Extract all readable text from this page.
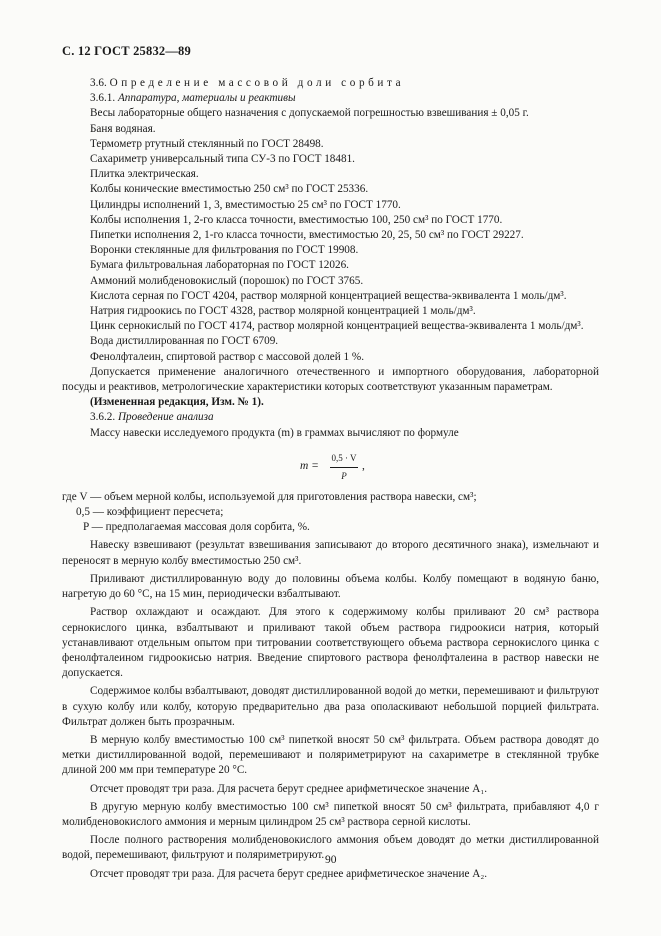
С. 12 ГОСТ 25832—89

3.6. Определение массовой доли сорбита

3.6.1. Аппаратура, материалы и реактивы

Весы лабораторные общего назначения с допускаемой погрешностью взвешивания ± 0,05 г.

Баня водяная.

Термометр ртутный стеклянный по ГОСТ 28498.

Сахариметр универсальный типа СУ-3 по ГОСТ 18481.

Плитка электрическая.

Колбы конические вместимостью 250 см³ по ГОСТ 25336.

Цилиндры исполнений 1, 3, вместимостью 25 см³ по ГОСТ 1770.

Колбы исполнения 1, 2-го класса точности, вместимостью 100, 250 см³ по ГОСТ 1770.

Пипетки исполнения 2, 1-го класса точности, вместимостью 20, 25, 50 см³ по ГОСТ 29227.

Воронки стеклянные для фильтрования по ГОСТ 19908.

Бумага фильтровальная лабораторная по ГОСТ 12026.

Аммоний молибденовокислый (порошок) по ГОСТ 3765.

Кислота серная по ГОСТ 4204, раствор молярной концентрацией вещества-эквивалента 1 моль/дм³.

Натрия гидроокись по ГОСТ 4328, раствор молярной концентрацией 1 моль/дм³.

Цинк сернокислый по ГОСТ 4174, раствор молярной концентрацией вещества-эквивалента 1 моль/дм³.

Вода дистиллированная по ГОСТ 6709.

Фенолфталеин, спиртовой раствор с массовой долей 1 %.

Допускается применение аналогичного отечественного и импортного оборудования, лабораторной посуды и реактивов, метрологические характеристики которых соответствуют указанным параметрам.

(Измененная редакция, Изм. № 1).

3.6.2. Проведение анализа

Массу навески исследуемого продукта (m) в граммах вычисляют по формуле

$m = \frac{0,5 \cdot V}{P}$ ,

где V — объем мерной колбы, используемой для приготовления раствора навески, см³;

0,5 — коэффициент пересчета;

P — предполагаемая массовая доля сорбита, %.

Навеску взвешивают (результат взвешивания записывают до второго десятичного знака), измельчают и переносят в мерную колбу вместимостью 250 см³.

Приливают дистиллированную воду до половины объема колбы. Колбу помещают в водяную баню, нагретую до 60 °С, на 15 мин, периодически взбалтывают.

Раствор охлаждают и осаждают. Для этого к содержимому колбы приливают 20 см³ раствора сернокислого цинка, взбалтывают и приливают такой объем раствора гидроокиси натрия, который устанавливают отдельным опытом при титровании соответствующего объема раствора сернокислого цинка с фенолфталеином гидроокисью натрия. Введение спиртового раствора фенолфталеина в раствор навески не допускается.

Содержимое колбы взбалтывают, доводят дистиллированной водой до метки, перемешивают и фильтруют в сухую колбу или колбу, которую предварительно два раза ополаскивают небольшой порцией фильтрата. Фильтрат должен быть прозрачным.

В мерную колбу вместимостью 100 см³ пипеткой вносят 50 см³ фильтрата. Объем раствора доводят до метки дистиллированной водой, перемешивают и поляриметрируют на сахариметре в стеклянной трубке длиной 200 мм при температуре 20 °С.

Отсчет проводят три раза. Для расчета берут среднее арифметическое значение A₁.

В другую мерную колбу вместимостью 100 см³ пипеткой вносят 50 см³ фильтрата, прибавляют 4,0 г молибденовокислого аммония и мерным цилиндром 25 см³ раствора серной кислоты.

После полного растворения молибденовокислого аммония объем доводят до метки дистиллированной водой, перемешивают, фильтруют и поляриметрируют.

Отсчет проводят три раза. Для расчета берут среднее арифметическое значение A₂.

90
